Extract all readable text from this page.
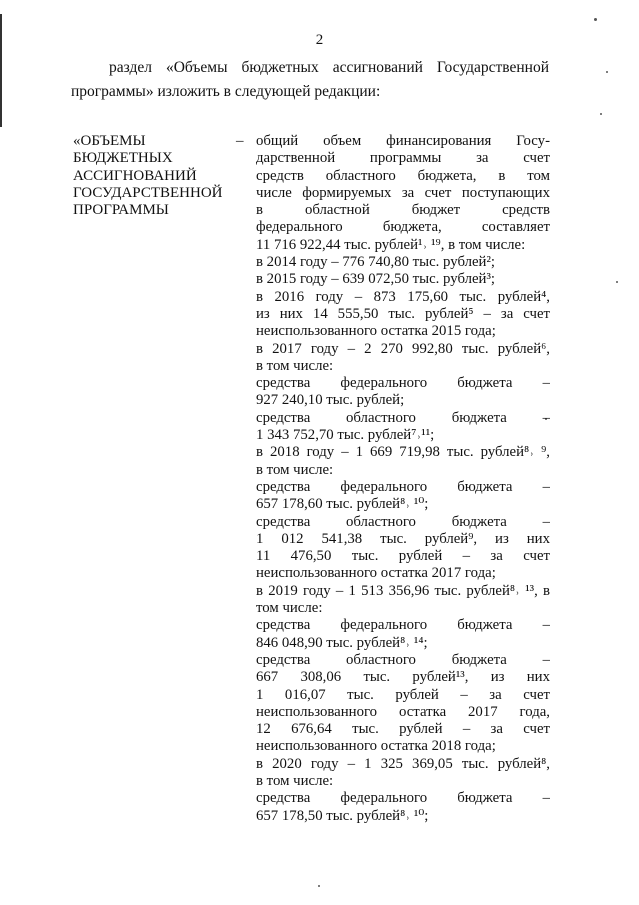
2

раздел «Объемы бюджетных ассигнований Государственной

программы» изложить в следующей редакции:

«ОБЪЕМЫ
БЮДЖЕТНЫХ
АССИГНОВАНИЙ
ГОСУДАРСТВЕННОЙ
ПРОГРАММЫ
– общий объем финансирования Госу-
дарственной программы за счет
средств областного бюджета, в том
числе формируемых за счет поступающих
в областной бюджет средств
федерального бюджета, составляет
11 716 922,44 тыс. рублей¹˒ ¹⁹, в том числе:
в 2014 году – 776 740,80 тыс. рублей²;
в 2015 году – 639 072,50 тыс. рублей³;
в 2016 году – 873 175,60 тыс. рублей⁴,
из них 14 555,50 тыс. рублей⁵ – за счет
неиспользованного остатка 2015 года;
в 2017 году – 2 270 992,80 тыс. рублей⁶,
в том числе:
средства федерального бюджета –
927 240,10 тыс. рублей;
средства областного бюджета –
1 343 752,70 тыс. рублей⁷˒¹¹;
в 2018 году – 1 669 719,98 тыс. рублей⁸˒ ⁹,
в том числе:
средства федерального бюджета –
657 178,60 тыс. рублей⁸˒ ¹⁰;
средства областного бюджета –
1 012 541,38 тыс. рублей⁹, из них
11 476,50 тыс. рублей – за счет
неиспользованного остатка 2017 года;
в 2019 году – 1 513 356,96 тыс. рублей⁸˒ ¹³, в
том числе:
средства федерального бюджета –
846 048,90 тыс. рублей⁸˒ ¹⁴;
средства областного бюджета –
667 308,06 тыс. рублей¹³, из них
1 016,07 тыс. рублей – за счет
неиспользованного остатка 2017 года,
12 676,64 тыс. рублей – за счет
неиспользованного остатка 2018 года;
в 2020 году – 1 325 369,05 тыс. рублей⁸,
в том числе:
средства федерального бюджета –
657 178,50 тыс. рублей⁸˒ ¹⁰;
